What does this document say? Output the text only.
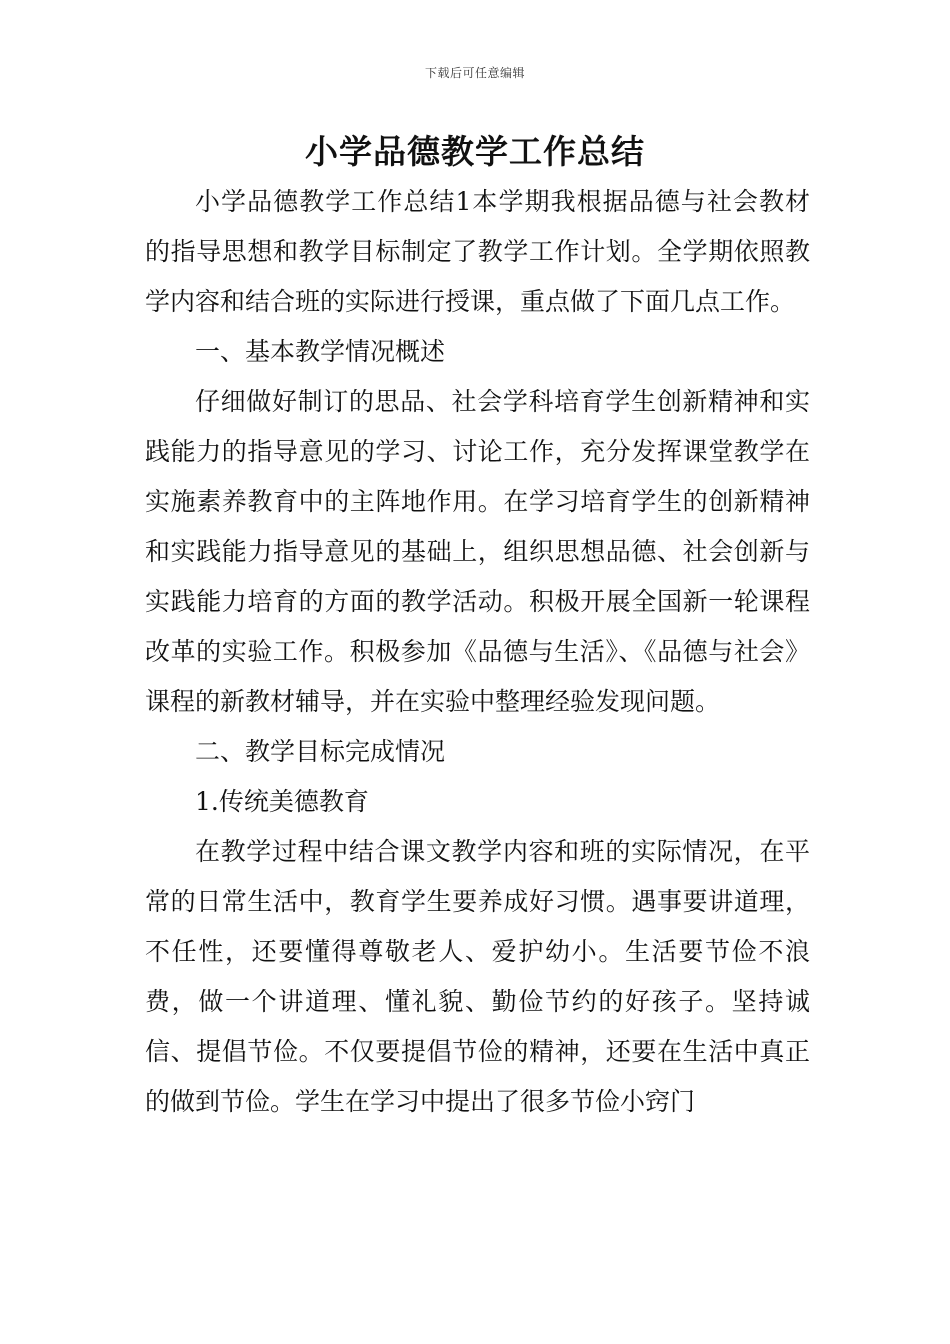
下载后可任意编辑
小学品德教学工作总结

小学品德教学工作总结1本学期我根据品德与社会教材的指导思想和教学目标制定了教学工作计划。全学期依照教学内容和结合班的实际进行授课，重点做了下面几点工作。

一、基本教学情况概述

仔细做好制订的思品、社会学科培育学生创新精神和实践能力的指导意见的学习、讨论工作，充分发挥课堂教学在实施素养教育中的主阵地作用。在学习培育学生的创新精神和实践能力指导意见的基础上，组织思想品德、社会创新与实践能力培育的方面的教学活动。积极开展全国新一轮课程改革的实验工作。积极参加《品德与生活》、《品德与社会》课程的新教材辅导，并在实验中整理经验发现问题。

二、教学目标完成情况

1.传统美德教育

在教学过程中结合课文教学内容和班的实际情况，在平常的日常生活中，教育学生要养成好习惯。遇事要讲道理，不任性，还要懂得尊敬老人、爱护幼小。生活要节俭不浪费，做一个讲道理、懂礼貌、勤俭节约的好孩子。坚持诚信、提倡节俭。不仅要提倡节俭的精神，还要在生活中真正的做到节俭。学生在学习中提出了很多节俭小窍门
